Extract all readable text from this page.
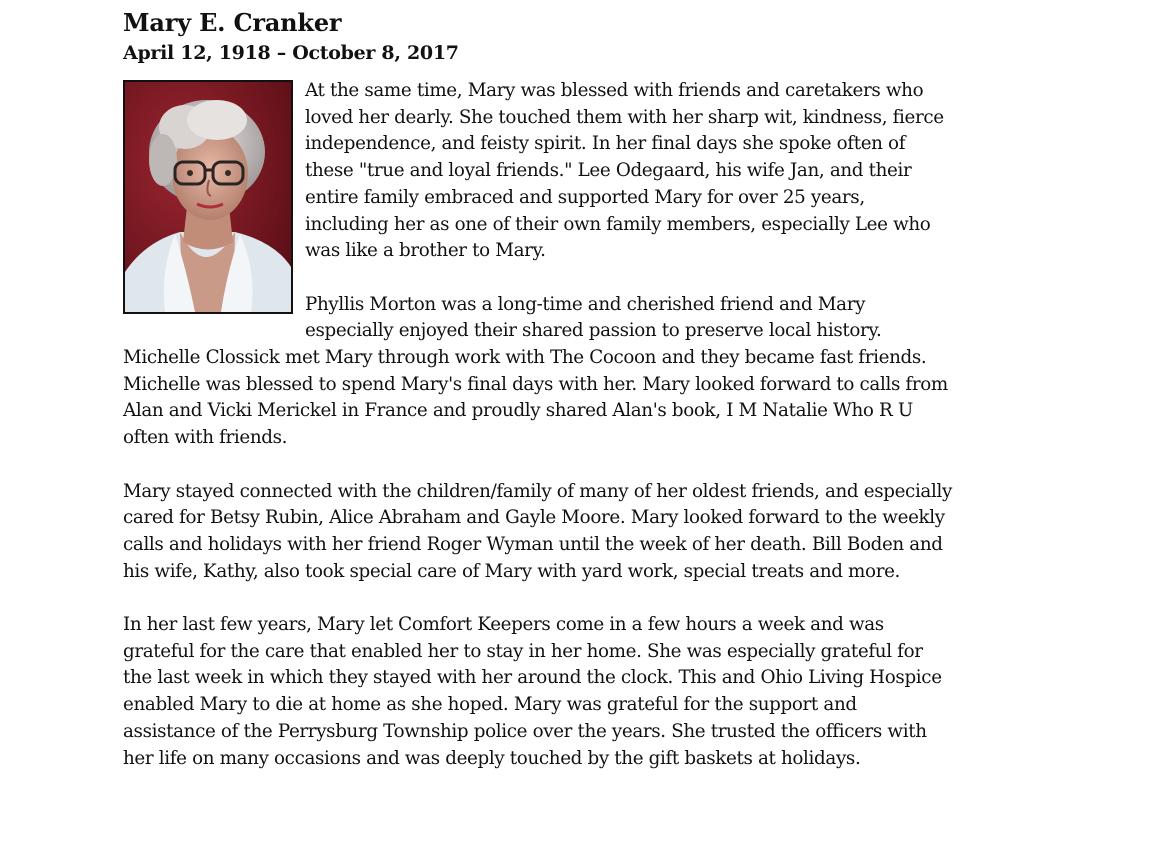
Mary E. Cranker
April 12, 1918 – October 8, 2017

At the same time, Mary was blessed with friends and caretakers who loved her dearly. She touched them with her sharp wit, kindness, fierce independence, and feisty spirit. In her final days she spoke often of these "true and loyal friends." Lee Odegaard, his wife Jan, and their entire family embraced and supported Mary for over 25 years, including her as one of their own family members, especially Lee who was like a brother to Mary.

Phyllis Morton was a long-time and cherished friend and Mary especially enjoyed their shared passion to preserve local history. Michelle Clossick met Mary through work with The Cocoon and they became fast friends. Michelle was blessed to spend Mary's final days with her. Mary looked forward to calls from Alan and Vicki Merickel in France and proudly shared Alan's book, I M Natalie Who R U often with friends.

Mary stayed connected with the children/family of many of her oldest friends, and especially cared for Betsy Rubin, Alice Abraham and Gayle Moore. Mary looked forward to the weekly calls and holidays with her friend Roger Wyman until the week of her death. Bill Boden and his wife, Kathy, also took special care of Mary with yard work, special treats and more.

In her last few years, Mary let Comfort Keepers come in a few hours a week and was grateful for the care that enabled her to stay in her home. She was especially grateful for the last week in which they stayed with her around the clock. This and Ohio Living Hospice enabled Mary to die at home as she hoped. Mary was grateful for the support and assistance of the Perrysburg Township police over the years. She trusted the officers with her life on many occasions and was deeply touched by the gift baskets at holidays.
